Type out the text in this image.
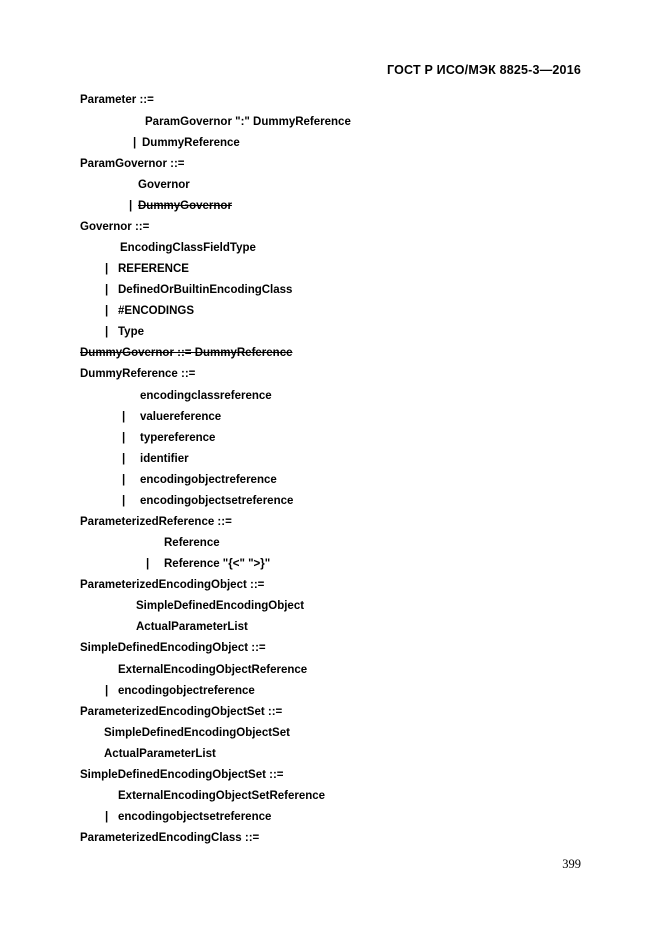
ГОСТ Р ИСО/МЭК 8825-3—2016
Parameter ::=
ParamGovernor ":" DummyReference
| DummyReference
ParamGovernor ::=
Governor
| DummyGovernor
Governor ::=
EncodingClassFieldType
| REFERENCE
| DefinedOrBuiltinEncodingClass
| #ENCODINGS
| Type
DummyGovernor ::= DummyReference
DummyReference ::=
encodingclassreference
| valuereference
| typereference
| identifier
| encodingobjectreference
| encodingobjectsetreference
ParameterizedReference ::=
Reference
| Reference "{<" ">}"
ParameterizedEncodingObject ::=
SimpleDefinedEncodingObject
ActualParameterList
SimpleDefinedEncodingObject ::=
ExternalEncodingObjectReference
| encodingobjectreference
ParameterizedEncodingObjectSet ::=
SimpleDefinedEncodingObjectSet
ActualParameterList
SimpleDefinedEncodingObjectSet ::=
ExternalEncodingObjectSetReference
| encodingobjectsetreference
ParameterizedEncodingClass ::=
399
